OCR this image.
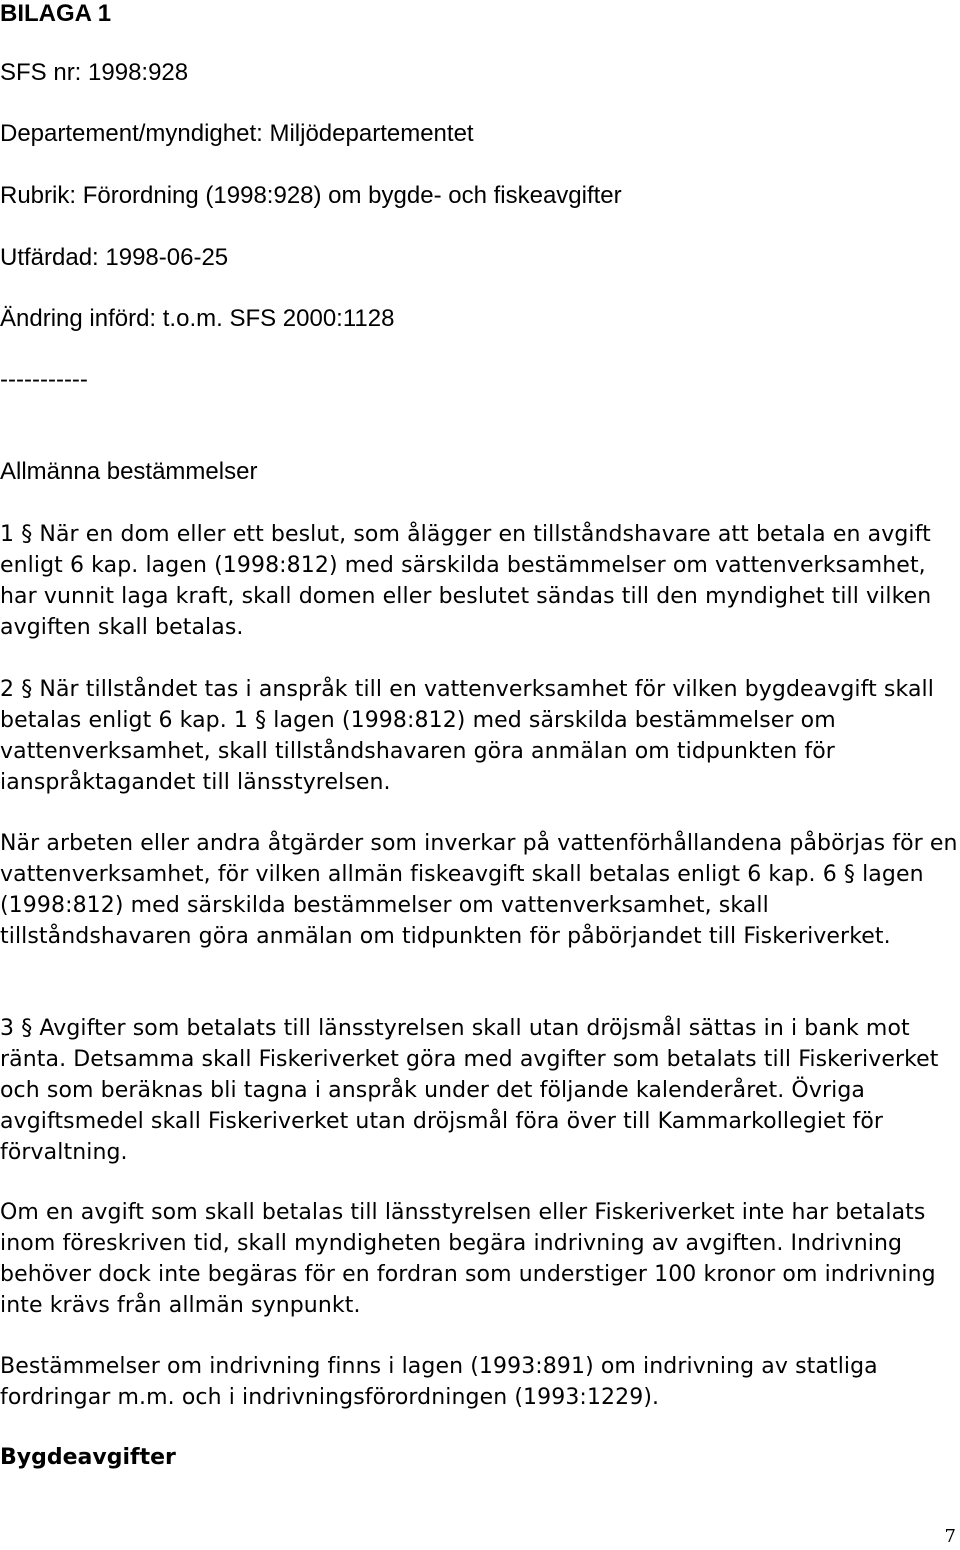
BILAGA 1

SFS nr: 1998:928

Departement/myndighet: Miljödepartementet

Rubrik: Förordning (1998:928) om bygde- och fiskeavgifter

Utfärdad: 1998-06-25

Ändring införd: t.o.m. SFS 2000:1128

-----------

Allmänna bestämmelser

1 § När en dom eller ett beslut, som ålägger en tillståndshavare att betala en avgift enligt 6 kap. lagen (1998:812) med särskilda bestämmelser om vattenverksamhet, har vunnit laga kraft, skall domen eller beslutet sändas till den myndighet till vilken avgiften skall betalas.

2 § När tillståndet tas i anspråk till en vattenverksamhet för vilken bygdeavgift skall betalas enligt 6 kap. 1 § lagen (1998:812) med särskilda bestämmelser om vattenverksamhet, skall tillståndshavaren göra anmälan om tidpunkten för ianspråktagandet till länsstyrelsen.

När arbeten eller andra åtgärder som inverkar på vattenförhållandena påbörjas för en vattenverksamhet, för vilken allmän fiskeavgift skall betalas enligt 6 kap. 6 § lagen (1998:812) med särskilda bestämmelser om vattenverksamhet, skall tillståndshavaren göra anmälan om tidpunkten för påbörjandet till Fiskeriverket.

3 § Avgifter som betalats till länsstyrelsen skall utan dröjsmål sättas in i bank mot ränta. Detsamma skall Fiskeriverket göra med avgifter som betalats till Fiskeriverket och som beräknas bli tagna i anspråk under det följande kalenderåret. Övriga avgiftsmedel skall Fiskeriverket utan dröjsmål föra över till Kammarkollegiet för förvaltning.

Om en avgift som skall betalas till länsstyrelsen eller Fiskeriverket inte har betalats inom föreskriven tid, skall myndigheten begära indrivning av avgiften. Indrivning behöver dock inte begäras för en fordran som understiger 100 kronor om indrivning inte krävs från allmän synpunkt.

Bestämmelser om indrivning finns i lagen (1993:891) om indrivning av statliga fordringar m.m. och i indrivningsförordningen (1993:1229).

Bygdeavgifter

7
